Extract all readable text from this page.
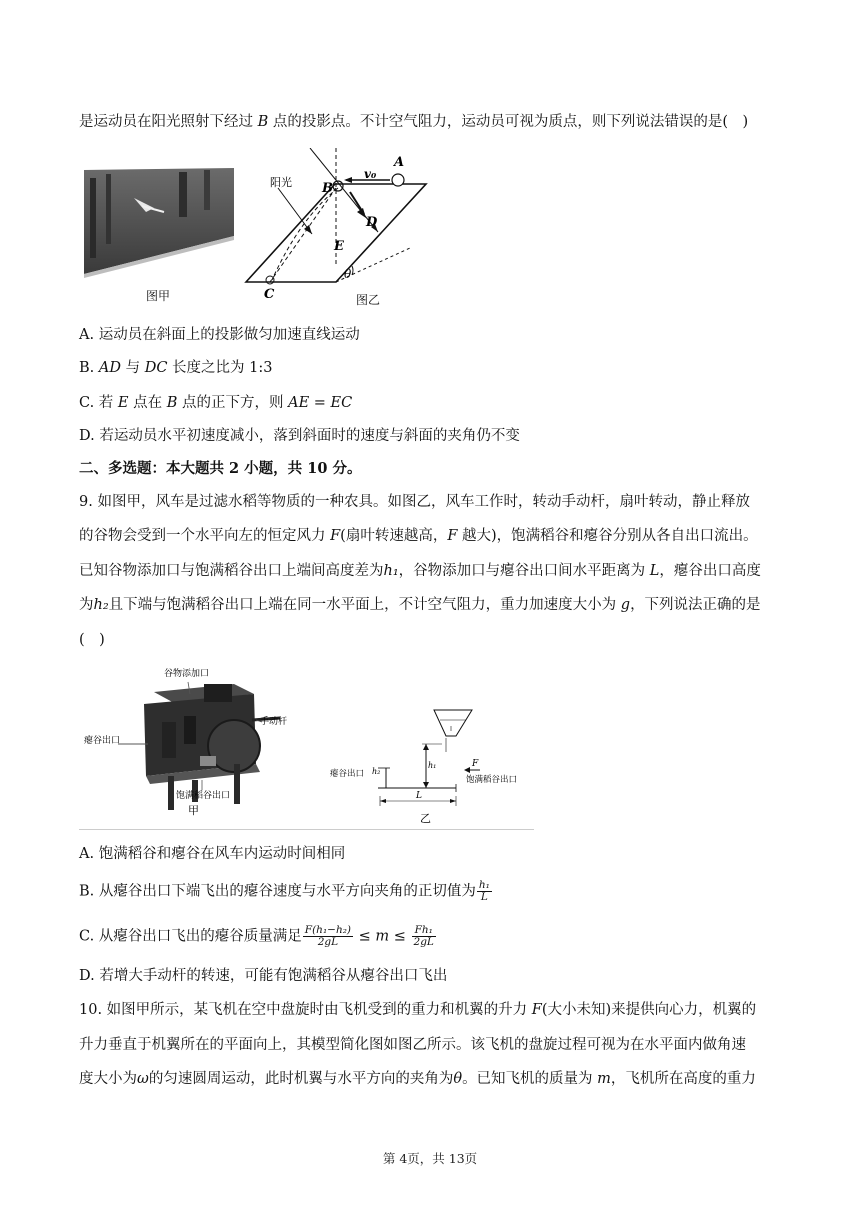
是运动员在阳光照射下经过 B 点的投影点。不计空气阻力，运动员可视为质点，则下列说法错误的是(　)
图甲
阳光
A
B
D
E
C
v₀
θ
图乙
A. 运动员在斜面上的投影做匀加速直线运动
B. AD 与 DC 长度之比为 1:3
C. 若 E 点在 B 点的正下方，则 AE = EC
D. 若运动员水平初速度减小，落到斜面时的速度与斜面的夹角仍不变
二、多选题：本大题共 2 小题，共 10 分。
9. 如图甲，风车是过滤水稻等物质的一种农具。如图乙，风车工作时，转动手动杆，扇叶转动，静止释放
的谷物会受到一个水平向左的恒定风力 F(扇叶转速越高，F 越大)，饱满稻谷和瘪谷分别从各自出口流出。
已知谷物添加口与饱满稻谷出口上端间高度差为h₁，谷物添加口与瘪谷出口间水平距离为 L，瘪谷出口高度
为h₂且下端与饱满稻谷出口上端在同一水平面上，不计空气阻力，重力加速度大小为 g，下列说法正确的是
(　)
谷物添加口
手动杆
瘪谷出口
饱满稻谷出口
甲
瘪谷出口
饱满稻谷出口
h₂
h₁
L
F
乙
A. 饱满稻谷和瘪谷在风车内运动时间相同
B. 从瘪谷出口下端飞出的瘪谷速度与水平方向夹角的正切值为 $\frac{\text{h₁}}{L}$
C. 从瘪谷出口飞出的瘪谷质量满足 $\frac{\text{F(h₁−h₂)}}{2gL} \le m \le \frac{\text{Fh₁}}{2gL}$
D. 若增大手动杆的转速，可能有饱满稻谷从瘪谷出口飞出
10. 如图甲所示，某飞机在空中盘旋时由飞机受到的重力和机翼的升力 F(大小未知)来提供向心力，机翼的
升力垂直于机翼所在的平面向上，其模型简化图如图乙所示。该飞机的盘旋过程可视为在水平面内做角速
度大小为ω的匀速圆周运动，此时机翼与水平方向的夹角为θ。已知飞机的质量为 m，飞机所在高度的重力
第 4页，共 13页
